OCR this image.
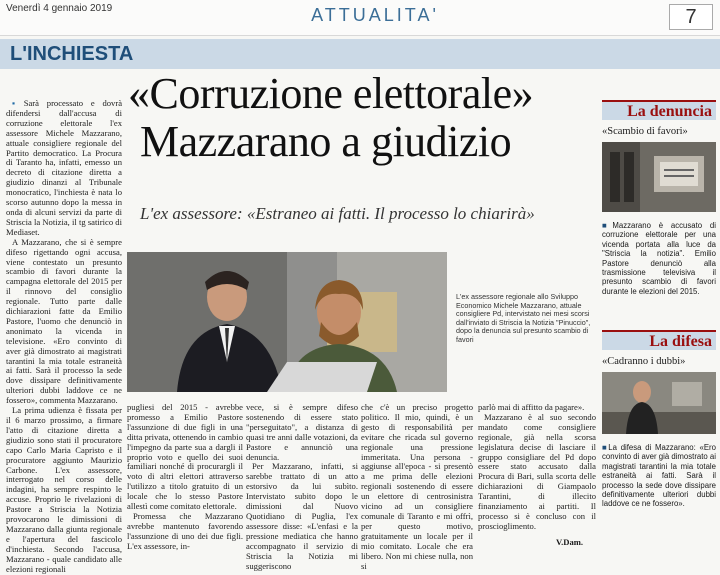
Venerdì 4 gennaio 2019	ATTUALITA'	7
L'INCHIESTA
«Corruzione elettorale»
Mazzarano a giudizio
L'ex assessore: «Estraneo ai fatti. Il processo lo chiarirà»

▪ Sarà processato e dovrà difendersi dall'accusa di corruzione elettorale l'ex assessore Michele Mazzarano, attuale consigliere regionale del Partito democratico. La Procura di Taranto ha, infatti, emesso un decreto di citazione diretta a giudizio dinanzi al Tribunale monocratico, l'inchiesta è nata lo scorso autunno dopo la messa in onda di alcuni servizi da parte di Striscia la Notizia, il tg satirico di Mediaset.

A Mazzarano, che si è sempre difeso rigettando ogni accusa, viene contestato un presunto scambio di favori durante la campagna elettorale del 2015 per il rinnovo del consiglio regionale. Tutto parte dalle dichiarazioni fatte da Emilio Pastore, l'uomo che denunciò in anonimato la vicenda in televisione. «Ero convinto di aver già dimostrato ai magistrati tarantini la mia totale estraneità ai fatti. Sarà il processo la sede dove dissipare definitivamente ulteriori dubbi laddove ce ne fossero», commenta Mazzarano.

La prima udienza è fissata per il 6 marzo prossimo, a firmare l'atto di citazione diretta a giudizio sono stati il procuratore capo Carlo Maria Capristo e il procuratore aggiunto Maurizio Carbone. L'ex assessore, interrogato nel corso delle indagini, ha sempre respinto le accuse. Proprio le rivelazioni di Pastore a Striscia la Notizia provocarono le dimissioni di Mazzarano dalla giunta regionale e l'apertura del fascicolo d'inchiesta. Secondo l'accusa, Mazzarano - quale candidato alle elezioni regionali

L'ex assessore regionale allo Sviluppo Economico Michele Mazzarano, attuale consigliere Pd, intervistato nei mesi scorsi dall'inviato di Striscia la Notizia "Pinuccio", dopo la denuncia sul presunto scambio di favori

pugliesi del 2015 - avrebbe promesso a Emilio Pastore l'assunzione di due figli in una ditta privata, ottenendo in cambio l'impegno da parte sua a dargli il proprio voto e quello dei suoi familiari nonché di procurargli il voto di altri elettori attraverso l'utilizzo a titolo gratuito di un locale che lo stesso Pastore allestì come comitato elettorale.

Promessa che Mazzarano avrebbe mantenuto favorendo l'assunzione di uno dei due figli. L'ex assessore, in-

vece, si è sempre difeso sostenendo di essere stato "perseguitato", a distanza di quasi tre anni dalle votazioni, da Pastore e annunciò una denuncia.

Per Mazzarano, infatti, si sarebbe trattato di un atto estorsivo da lui subìto. Intervistato subito dopo le dimissioni dal Nuovo Quotidiano di Puglia, l'ex assessore disse: «L'enfasi e la pressione mediatica che hanno accompagnato il servizio di Striscia la Notizia mi suggeriscono

che c'è un preciso progetto politico. Il mio, quindi, è un gesto di responsabilità per evitare che ricada sul governo regionale una pressione immeritata. Una persona - aggiunse all'epoca - si presentò a me prima delle elezioni regionali sostenendo di essere un elettore di centrosinistra vicino ad un consigliere comunale di Taranto e mi offrì, per questo motivo, gratuitamente un locale per il mio comitato. Locale che era libero. Non mi chiese nulla, non si

parlò mai di affitto da pagare».

Mazzarano è al suo secondo mandato come consigliere regionale, già nella scorsa legislatura decise di lasciare il gruppo consigliare del Pd dopo essere stato accusato dalla Procura di Bari, sulla scorta delle dichiarazioni di Giampaolo Tarantini, di illecito finanziamento ai partiti. Il processo si è concluso con il proscioglimento.

V.Dam.
La denuncia
«Scambio di favori»
■ Mazzarano è accusato di corruzione elettorale per una vicenda portata alla luce da "Striscia la notizia". Emilio Pastore denunciò alla trasmissione televisiva il presunto scambio di favori durante le elezioni del 2015.
La difesa
«Cadranno i dubbi»
■ La difesa di Mazzarano: «Ero convinto di aver già dimostrato ai magistrati tarantini la mia totale estraneità ai fatti. Sarà il processo la sede dove dissipare definitivamente ulteriori dubbi laddove ce ne fossero».
